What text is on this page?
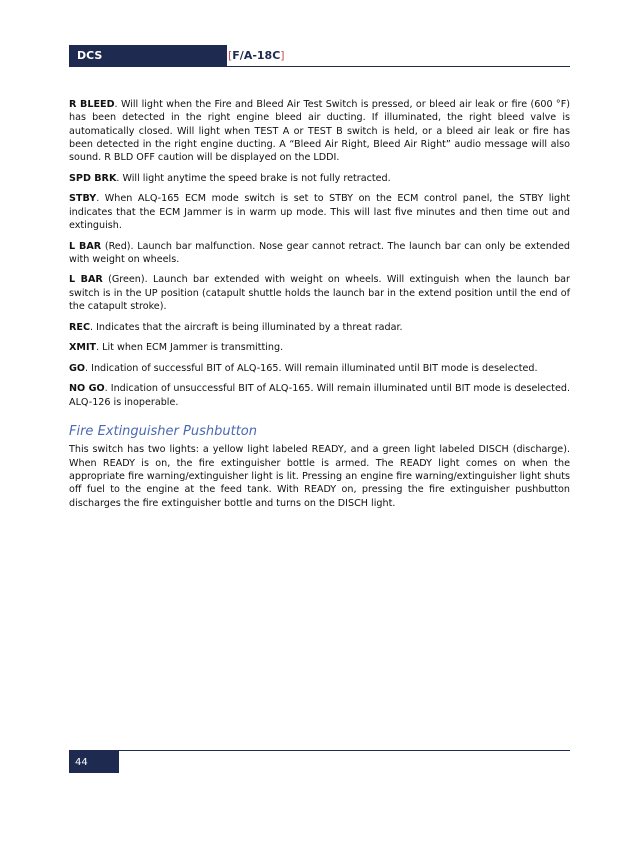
DCS	[F/A-18C]

R BLEED. Will light when the Fire and Bleed Air Test Switch is pressed, or bleed air leak or fire (600 °F) has been detected in the right engine bleed air ducting. If illuminated, the right bleed valve is automatically closed. Will light when TEST A or TEST B switch is held, or a bleed air leak or fire has been detected in the right engine ducting. A “Bleed Air Right, Bleed Air Right” audio message will also sound. R BLD OFF caution will be displayed on the LDDI.

SPD BRK. Will light anytime the speed brake is not fully retracted.

STBY. When ALQ-165 ECM mode switch is set to STBY on the ECM control panel, the STBY light indicates that the ECM Jammer is in warm up mode. This will last five minutes and then time out and extinguish.

L BAR (Red). Launch bar malfunction. Nose gear cannot retract. The launch bar can only be extended with weight on wheels.

L BAR (Green). Launch bar extended with weight on wheels. Will extinguish when the launch bar switch is in the UP position (catapult shuttle holds the launch bar in the extend position until the end of the catapult stroke).

REC. Indicates that the aircraft is being illuminated by a threat radar.

XMIT. Lit when ECM Jammer is transmitting.

GO. Indication of successful BIT of ALQ-165. Will remain illuminated until BIT mode is deselected.

NO GO. Indication of unsuccessful BIT of ALQ-165. Will remain illuminated until BIT mode is deselected. ALQ-126 is inoperable.

Fire Extinguisher Pushbutton

This switch has two lights: a yellow light labeled READY, and a green light labeled DISCH (discharge). When READY is on, the fire extinguisher bottle is armed. The READY light comes on when the appropriate fire warning/extinguisher light is lit. Pressing an engine fire warning/extinguisher light shuts off fuel to the engine at the feed tank. With READY on, pressing the fire extinguisher pushbutton discharges the fire extinguisher bottle and turns on the DISCH light.

44
